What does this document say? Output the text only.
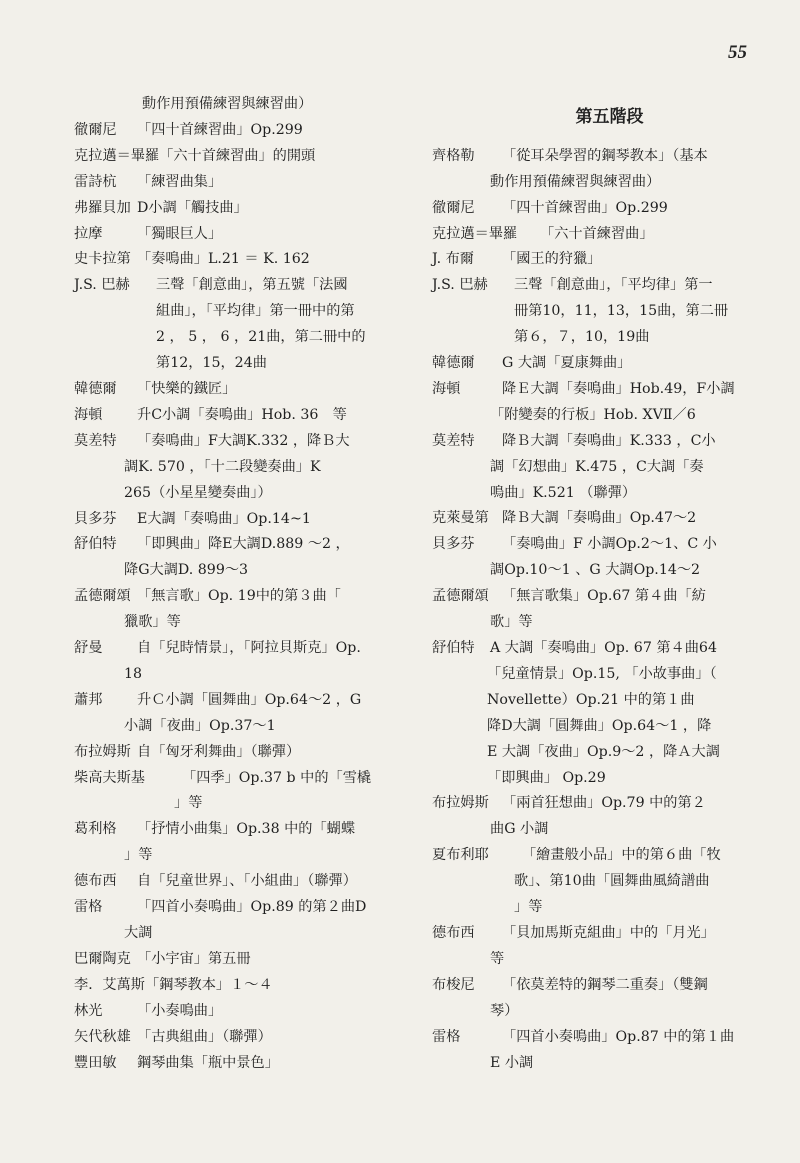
55
動作用預備練習與練習曲）
徹爾尼 「四十首練習曲」Op.299
克拉邁＝畢羅「六十首練習曲」的開頭
雷詩杭 「練習曲集」
弗羅貝加 D小調「觸技曲」
拉摩 「獨眼巨人」
史卡拉第 「奏鳴曲」L.21 ＝ K. 162
J.S. 巴赫 三聲「創意曲」，第五號「法國
組曲」，「平均律」第一冊中的第
2 ， 5 ， 6 ，21曲，第二冊中的
第12，15，24曲
韓德爾 「快樂的鐵匠」
海頓 升C小調「奏鳴曲」Hob. 36　等
莫差特 「奏鳴曲」F大調K.332 ，降Ｂ大
調K. 570 ，「十二段變奏曲」K
265（小星星變奏曲」）
貝多芬 E大調「奏鳴曲」Op.14~1
舒伯特 「即興曲」降E大調D.889 ～2 ，
降G大調D. 899～3
孟德爾頌 「無言歌」Op. 19中的第３曲「
獵歌」等
舒曼 自「兒時情景」，「阿拉貝斯克」Op.
18
蕭邦 升Ｃ小調「圓舞曲」Op.64～2 ，G
小調「夜曲」Op.37～1
布拉姆斯 自「匈牙利舞曲」（聯彈）
柴高夫斯基	「四季」Op.37 b 中的「雪橇
」等
葛利格 「抒情小曲集」Op.38 中的「蝴蝶
」等
德布西 自「兒童世界」、「小組曲」（聯彈）
雷格 「四首小奏鳴曲」Op.89 的第２曲D
大調
巴爾陶克 「小宇宙」第五冊
李．艾萬斯「鋼琴教本」１～４
林光 「小奏鳴曲」
矢代秋雄 「古典組曲」（聯彈）
豐田敏 鋼琴曲集「瓶中景色」
第五階段
齊格勒 「從耳朵學習的鋼琴教本」（基本
動作用預備練習與練習曲）
徹爾尼 「四十首練習曲」Op.299
克拉邁＝畢羅 「六十首練習曲」
J. 布爾 「國王的狩獵」
J.S. 巴赫 三聲「創意曲」，「平均律」第一
冊第10，11，13，15曲，第二冊
第６，７，10，19曲
韓德爾 G 大調「夏康舞曲」
海頓	降Ｅ大調「奏鳴曲」Hob.49，F小調
「附變奏的行板」Hob. XVⅡ／6
莫差特 降Ｂ大調「奏鳴曲」K.333 ，C小
調「幻想曲」K.475 ，C大調「奏
鳴曲」K.521 （聯彈）
克萊曼第 降Ｂ大調「奏鳴曲」Op.47～2
貝多芬 「奏鳴曲」F 小調Op.2～1、C 小
調Op.10～1 、G 大調Op.14～2
孟德爾頌 「無言歌集」Op.67 第４曲「紡
歌」等
舒伯特 A 大調「奏鳴曲」Op. 67 第４曲64
「兒童情景」Op.15, 「小故事曲」（
Novellette）Op.21 中的第１曲
降D大調「圓舞曲」Op.64～1 ，降
E 大調「夜曲」Op.9～2 ，降Ａ大調
「即興曲」 Op.29
布拉姆斯 「兩首狂想曲」Op.79 中的第２
曲G 小調
夏布利耶 「繪畫般小品」中的第６曲「牧
歌」、第10曲「圓舞曲風綺譜曲
」等
德布西 「貝加馬斯克組曲」中的「月光」
等
布梭尼 「依莫差特的鋼琴二重奏」（雙鋼
琴）
雷格	「四首小奏鳴曲」Op.87 中的第１曲
E 小調
